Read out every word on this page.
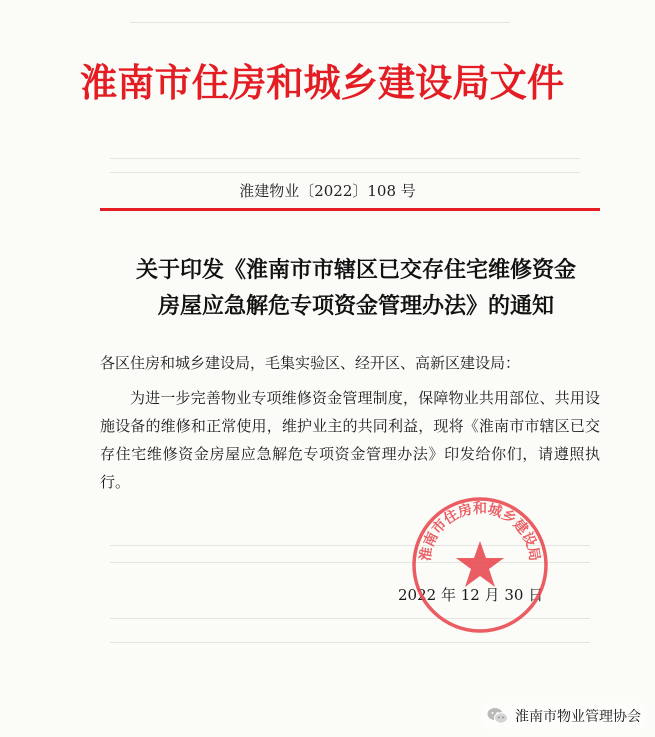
淮南市住房和城乡建设局文件
淮建物业〔2022〕108 号
关于印发《淮南市市辖区已交存住宅维修资金
房屋应急解危专项资金管理办法》的通知
各区住房和城乡建设局，毛集实验区、经开区、高新区建设局：
为进一步完善物业专项维修资金管理制度，保障物业共用部位、共用设施设备的维修和正常使用，维护业主的共同利益，现将《淮南市市辖区已交存住宅维修资金房屋应急解危专项资金管理办法》印发给你们，请遵照执行。
2022 年 12 月 30 日
淮南市住房和城乡建设局
淮南市物业管理协会
